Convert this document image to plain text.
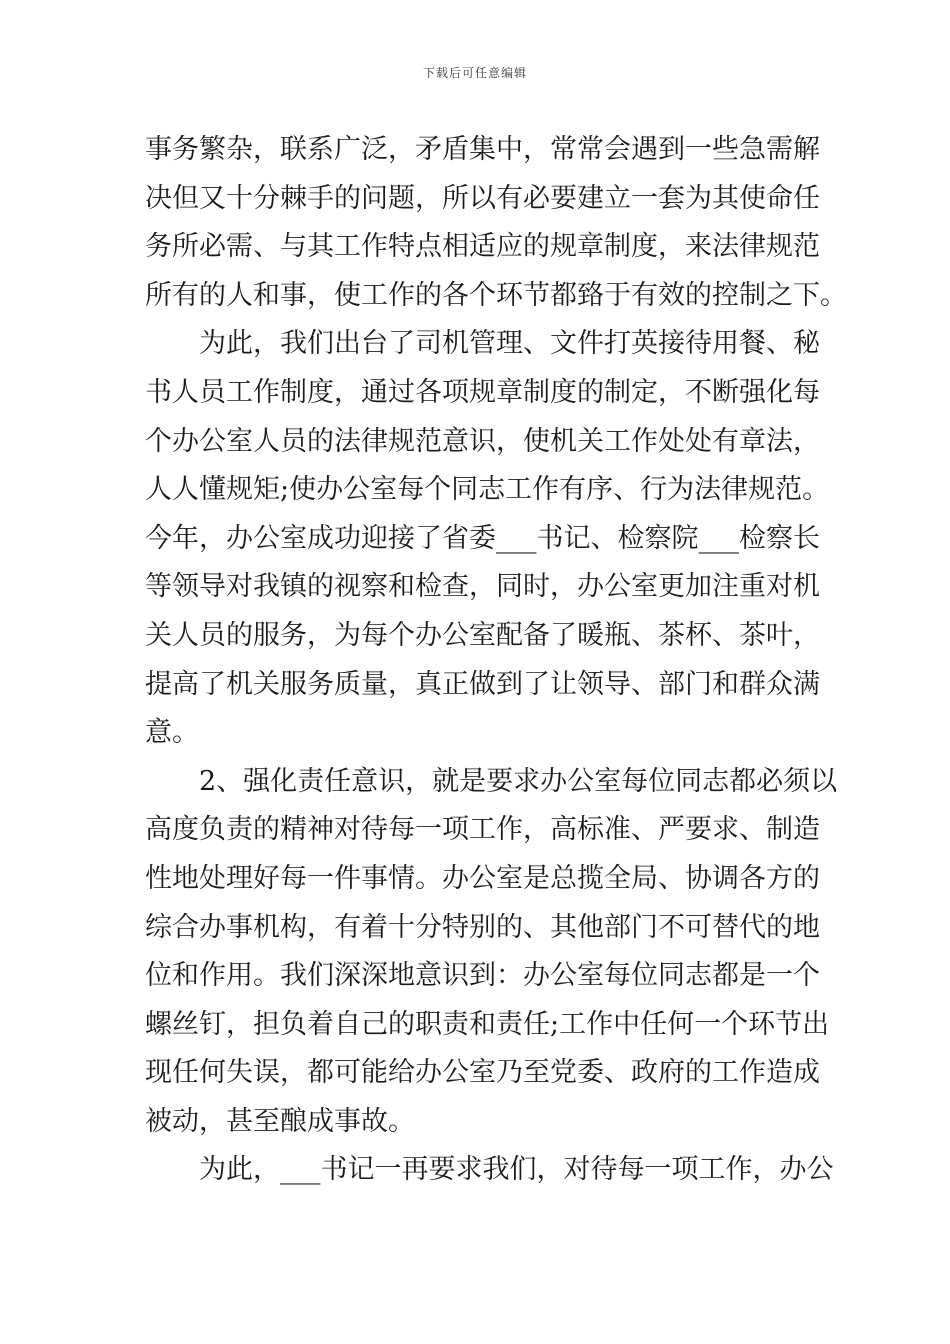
下载后可任意编辑
事务繁杂，联系广泛，矛盾集中，常常会遇到一些急需解
决但又十分棘手的问题，所以有必要建立一套为其使命任
务所必需、与其工作特点相适应的规章制度，来法律规范
所有的人和事，使工作的各个环节都臵于有效的控制之下。
　　为此，我们出台了司机管理、文件打英接待用餐、秘
书人员工作制度，通过各项规章制度的制定，不断强化每
个办公室人员的法律规范意识，使机关工作处处有章法，
人人懂规矩;使办公室每个同志工作有序、行为法律规范。
今年，办公室成功迎接了省委___书记、检察院___检察长
等领导对我镇的视察和检查，同时，办公室更加注重对机
关人员的服务，为每个办公室配备了暖瓶、茶杯、茶叶，
提高了机关服务质量，真正做到了让领导、部门和群众满
意。
　　2、强化责任意识，就是要求办公室每位同志都必须以
高度负责的精神对待每一项工作，高标准、严要求、制造
性地处理好每一件事情。办公室是总揽全局、协调各方的
综合办事机构，有着十分特别的、其他部门不可替代的地
位和作用。我们深深地意识到：办公室每位同志都是一个
螺丝钉，担负着自己的职责和责任;工作中任何一个环节出
现任何失误，都可能给办公室乃至党委、政府的工作造成
被动，甚至酿成事故。
　　为此，___书记一再要求我们，对待每一项工作，办公
